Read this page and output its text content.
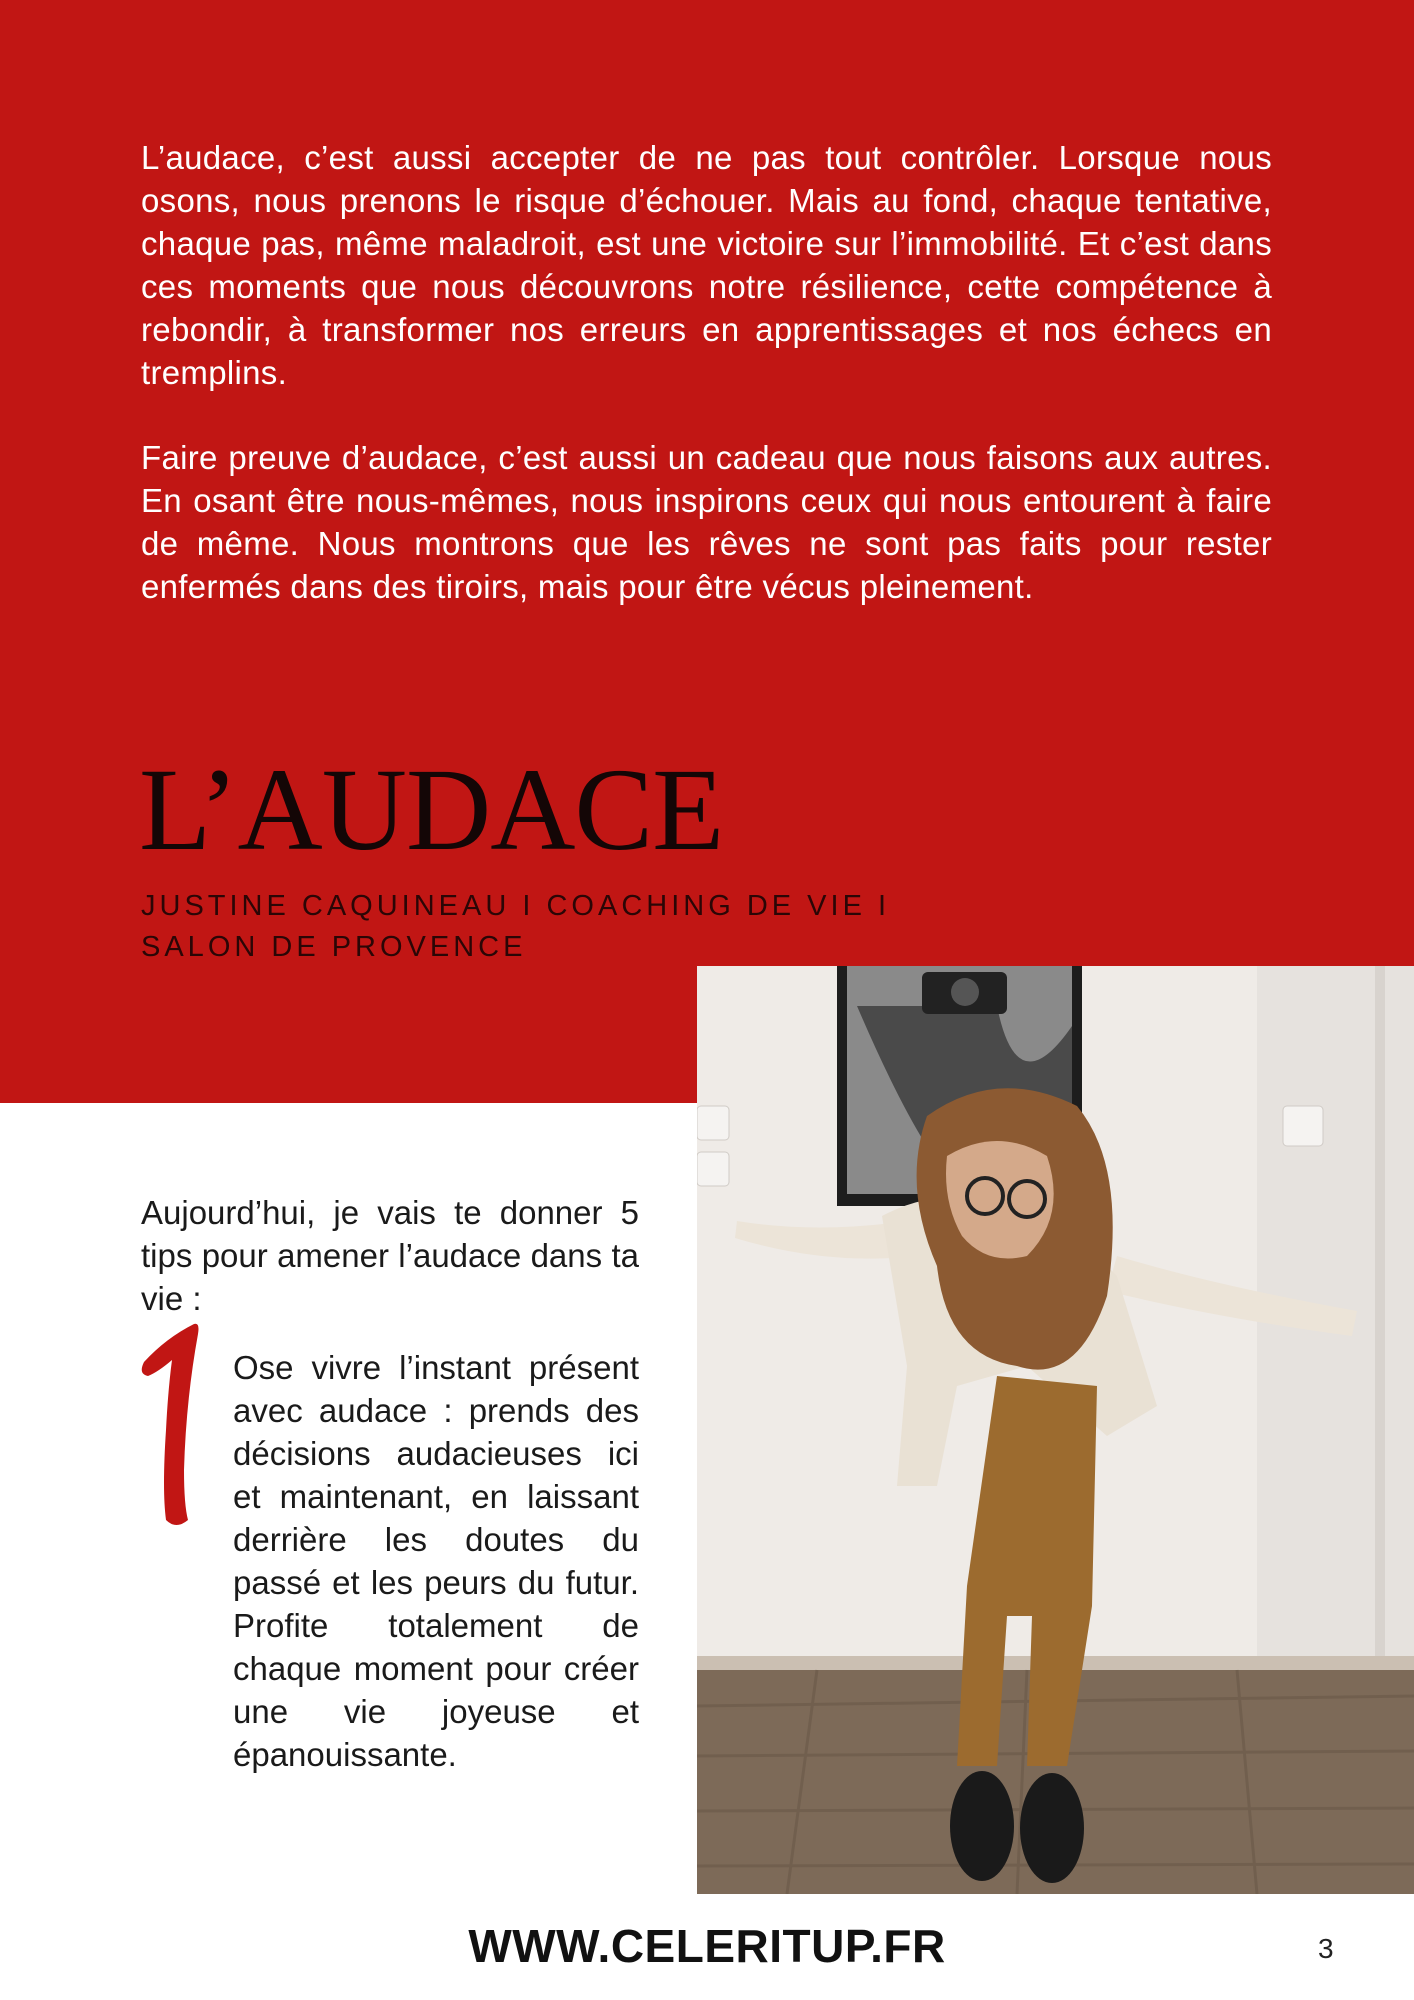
L’audace, c’est aussi accepter de ne pas tout contrôler. Lorsque nous osons, nous prenons le risque d’échouer. Mais au fond, chaque tentative, chaque pas, même maladroit, est une victoire sur l’immobilité. Et c’est dans ces moments que nous découvrons notre résilience, cette compétence à rebondir, à transformer nos erreurs en apprentissages et nos échecs en tremplins.

Faire preuve d’audace, c’est aussi un cadeau que nous faisons aux autres. En osant être nous-mêmes, nous inspirons ceux qui nous entourent à faire de même. Nous montrons que les rêves ne sont pas faits pour rester enfermés dans des tiroirs, mais pour être vécus pleinement.

L’AUDACE
JUSTINE CAQUINEAU I COACHING DE VIE I SALON DE PROVENCE

Aujourd’hui, je vais te donner 5 tips pour amener l’audace dans ta vie :

Ose vivre l’instant présent avec audace : prends des décisions audacieuses ici et maintenant, en laissant derrière les doutes du passé et les peurs du futur. Profite totalement de chaque moment pour créer une vie joyeuse et épanouissante.

WWW.CELERITUP.FR	3
